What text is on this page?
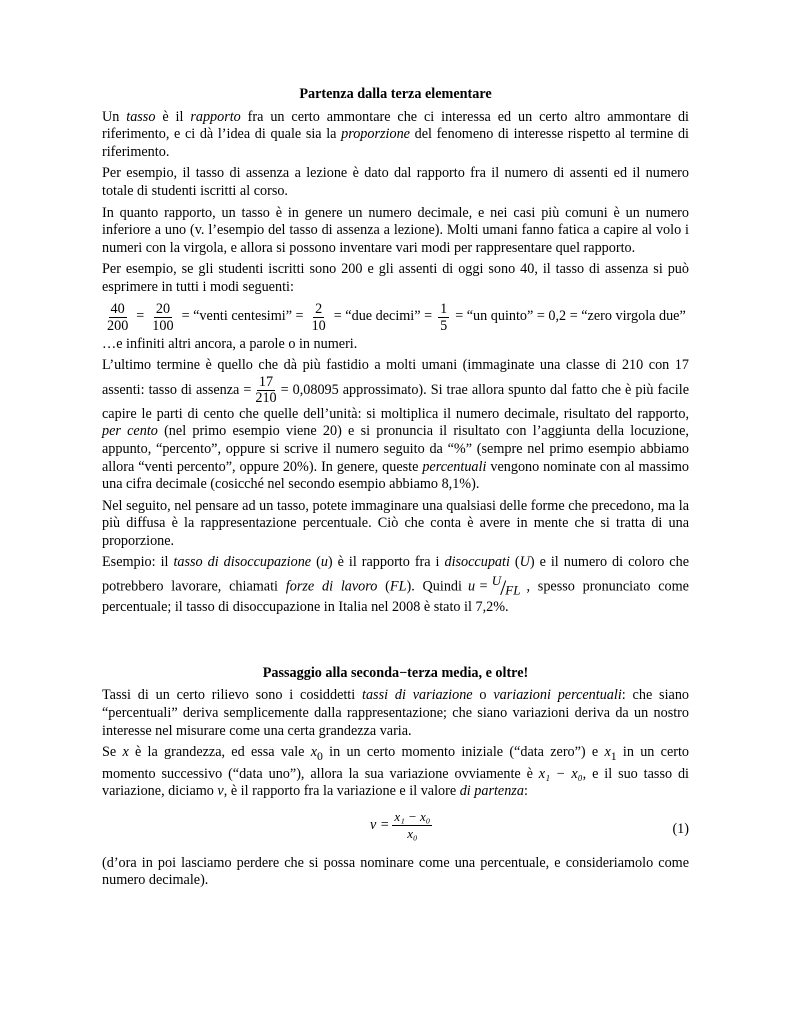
Partenza dalla terza elementare

Un tasso è il rapporto fra un certo ammontare che ci interessa ed un certo altro ammontare di riferimento, e ci dà l’idea di quale sia la proporzione del fenomeno di interesse rispetto al termine di riferimento.

Per esempio, il tasso di assenza a lezione è dato dal rapporto fra il numero di assenti ed il numero totale di studenti iscritti al corso.

In quanto rapporto, un tasso è in genere un numero decimale, e nei casi più comuni è un numero inferiore a uno (v. l’esempio del tasso di assenza a lezione). Molti umani fanno fatica a capire al volo i numeri con la virgola, e allora si possono inventare vari modi per rappresentare quel rapporto.

Per esempio, se gli studenti iscritti sono 200 e gli assenti di oggi sono 40, il tasso di assenza si può esprimere in tutti i modi seguenti:

$\frac{40}{200} = \frac{20}{100}$ = “venti centesimi” = $\frac{2}{10}$ = “due decimi” = $\frac{1}{5}$ = “un quinto” = 0,2 = “zero virgola due”

…e infiniti altri ancora, a parole o in numeri.

L’ultimo termine è quello che dà più fastidio a molti umani (immaginate una classe di 210 con 17 assenti: tasso di assenza = $\frac{17}{210} = 0,08095$ approssimato). Si trae allora spunto dal fatto che è più facile capire le parti di cento che quelle dell’unità: si moltiplica il numero decimale, risultato del rapporto, per cento (nel primo esempio viene 20) e si pronuncia il risultato con l’aggiunta della locuzione, appunto, “percento”, oppure si scrive il numero seguito da “%” (sempre nel primo esempio abbiamo allora “venti percento”, oppure 20%). In genere, queste percentuali vengono nominate con al massimo una cifra decimale (cosicché nel secondo esempio abbiamo 8,1%).

Nel seguito, nel pensare ad un tasso, potete immaginare una qualsiasi delle forme che precedono, ma la più diffusa è la rappresentazione percentuale. Ciò che conta è avere in mente che si tratta di una proporzione.

Esempio: il tasso di disoccupazione (u) è il rapporto fra i disoccupati (U) e il numero di coloro che potrebbero lavorare, chiamati forze di lavoro (FL). Quindi $u = ^U/_{FL}$ , spesso pronunciato come percentuale; il tasso di disoccupazione in Italia nel 2008 è stato il 7,2%.

Passaggio alla seconda−terza media, e oltre!

Tassi di un certo rilievo sono i cosiddetti tassi di variazione o variazioni percentuali: che siano “percentuali” deriva semplicemente dalla rappresentazione; che siano variazioni deriva da un nostro interesse nel misurare come una certa grandezza varia.

Se x è la grandezza, ed essa vale $x_0$ in un certo momento iniziale (“data zero”) e $x_1$ in un certo momento successivo (“data uno”), allora la sua variazione ovviamente è x₁ − x₀, e il suo tasso di variazione, diciamo v, è il rapporto fra la variazione e il valore di partenza:

$v = \frac{\text{x₁ − x₀}}{\text{x₀}}$	(1)

(d’ora in poi lasciamo perdere che si possa nominare come una percentuale, e consideriamolo come numero decimale).
